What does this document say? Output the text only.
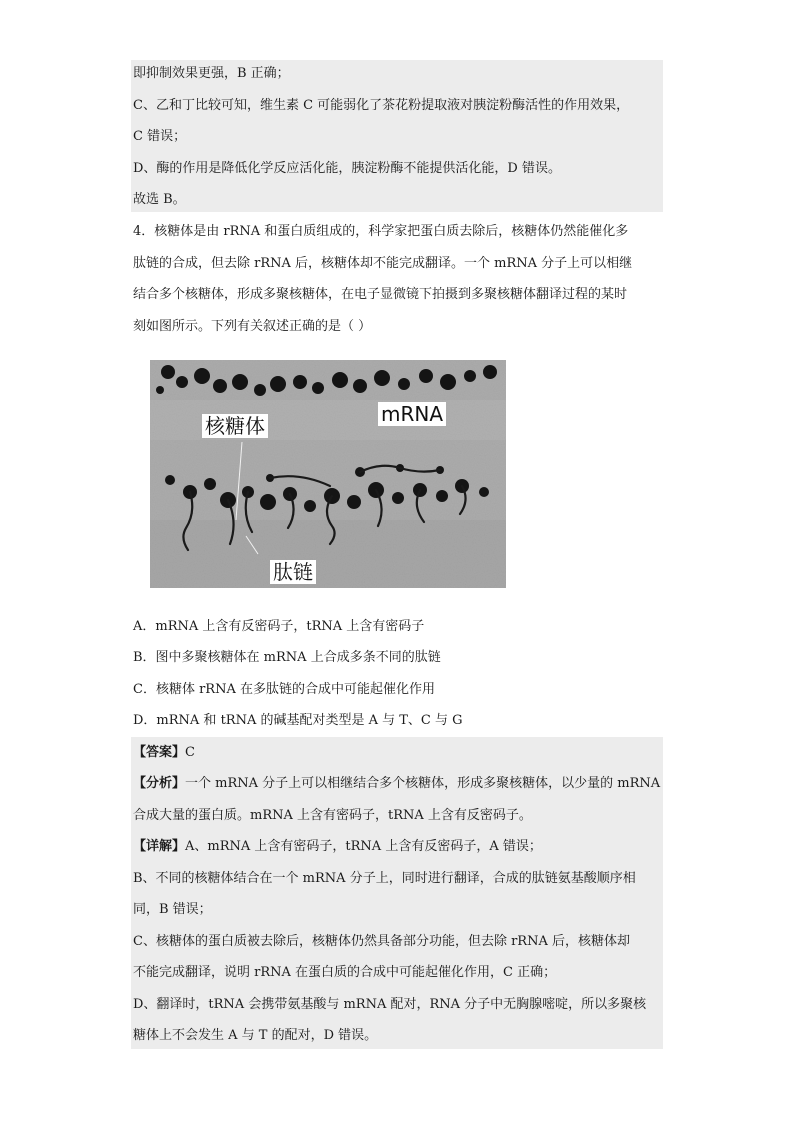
即抑制效果更强，B 正确；
C、乙和丁比较可知，维生素 C 可能弱化了茶花粉提取液对胰淀粉酶活性的作用效果，
C 错误；
D、酶的作用是降低化学反应活化能，胰淀粉酶不能提供活化能，D 错误。
故选 B。
4．核糖体是由 rRNA 和蛋白质组成的，科学家把蛋白质去除后，核糖体仍然能催化多
肽链的合成，但去除 rRNA 后，核糖体却不能完成翻译。一个 mRNA 分子上可以相继
结合多个核糖体，形成多聚核糖体，在电子显微镜下拍摄到多聚核糖体翻译过程的某时
刻如图所示。下列有关叙述正确的是（ ）
核糖体	mRNA
肽链
A．mRNA 上含有反密码子，tRNA 上含有密码子
B．图中多聚核糖体在 mRNA 上合成多条不同的肽链
C．核糖体 rRNA 在多肽链的合成中可能起催化作用
D．mRNA 和 tRNA 的碱基配对类型是 A 与 T、C 与 G
【答案】C
【分析】一个 mRNA 分子上可以相继结合多个核糖体，形成多聚核糖体，以少量的 mRNA
合成大量的蛋白质。mRNA 上含有密码子，tRNA 上含有反密码子。
【详解】A、mRNA 上含有密码子，tRNA 上含有反密码子，A 错误；
B、不同的核糖体结合在一个 mRNA 分子上，同时进行翻译，合成的肽链氨基酸顺序相
同，B 错误；
C、核糖体的蛋白质被去除后，核糖体仍然具备部分功能，但去除 rRNA 后，核糖体却
不能完成翻译，说明 rRNA 在蛋白质的合成中可能起催化作用，C 正确；
D、翻译时，tRNA 会携带氨基酸与 mRNA 配对，RNA 分子中无胸腺嘧啶，所以多聚核
糖体上不会发生 A 与 T 的配对，D 错误。
